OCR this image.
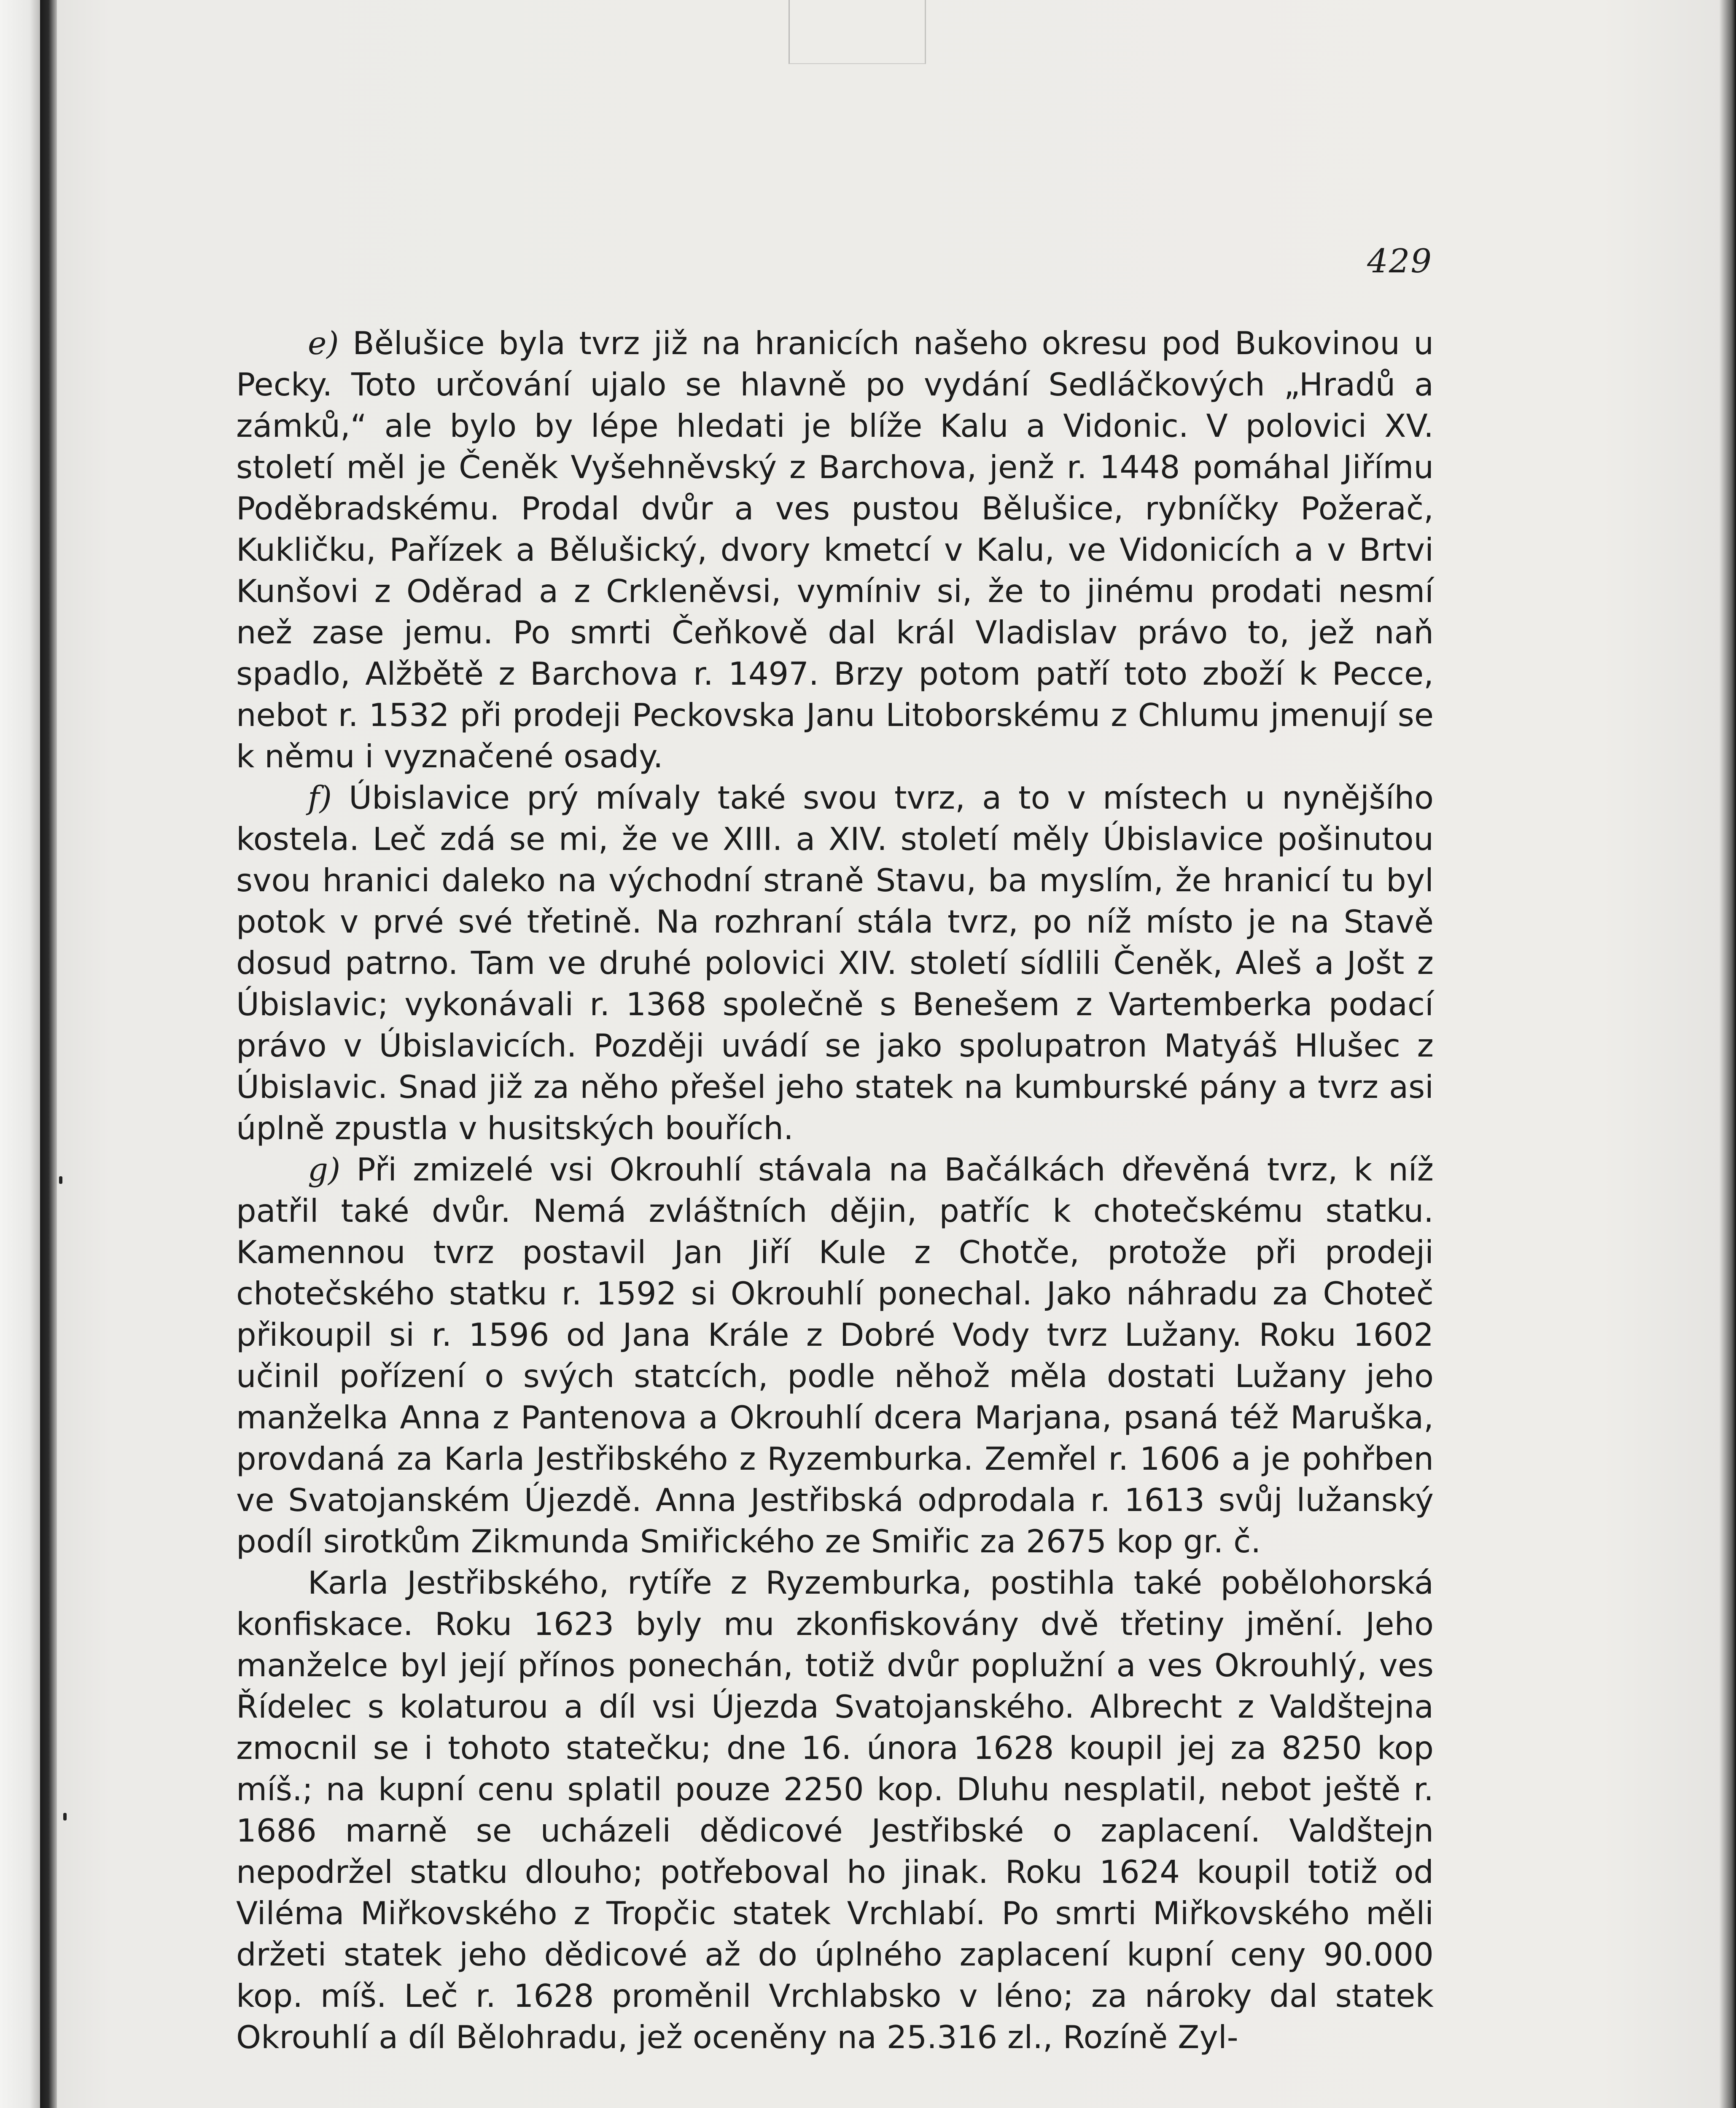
429

e) Bělušice byla tvrz již na hranicích našeho okresu pod Bukovinou u Pecky. Toto určování ujalo se hlavně po vydání Sedláčkových „Hradů a zámků,“ ale bylo by lépe hledati je blíže Kalu a Vidonic. V polovici XV. století měl je Čeněk Vyšehněvský z Barchova, jenž r. 1448 pomáhal Jiřímu Poděbradskému. Prodal dvůr a ves pustou Bělušice, rybníčky Požerač, Kukličku, Pařízek a Bělušický, dvory kmetcí v Kalu, ve Vidonicích a v Brtvi Kunšovi z Oděrad a z Crkleněvsi, vymíniv si, že to jinému prodati nesmí než zase jemu. Po smrti Čeňkově dal král Vladislav právo to, jež naň spadlo, Alžbětě z Barchova r. 1497. Brzy potom patří toto zboží k Pecce, nebot r. 1532 při prodeji Peckovska Janu Litoborskému z Chlumu jmenují se k němu i vyznačené osady.

f) Úbislavice prý mívaly také svou tvrz, a to v místech u nynějšího kostela. Leč zdá se mi, že ve XIII. a XIV. století měly Úbislavice pošinutou svou hranici daleko na východní straně Stavu, ba myslím, že hranicí tu byl potok v prvé své třetině. Na rozhraní stála tvrz, po níž místo je na Stavě dosud patrno. Tam ve druhé polovici XIV. století sídlili Čeněk, Aleš a Jošt z Úbislavic; vykonávali r. 1368 společně s Benešem z Vartemberka podací právo v Úbislavicích. Později uvádí se jako spolupatron Matyáš Hlušec z Úbislavic. Snad již za něho přešel jeho statek na kumburské pány a tvrz asi úplně zpustla v husitských bouřích.

g) Při zmizelé vsi Okrouhlí stávala na Bačálkách dřevěná tvrz, k níž patřil také dvůr. Nemá zvláštních dějin, patříc k chotečskému statku. Kamennou tvrz postavil Jan Jiří Kule z Chotče, protože při prodeji chotečského statku r. 1592 si Okrouhlí ponechal. Jako náhradu za Choteč přikoupil si r. 1596 od Jana Krále z Dobré Vody tvrz Lužany. Roku 1602 učinil pořízení o svých statcích, podle něhož měla dostati Lužany jeho manželka Anna z Pantenova a Okrouhlí dcera Marjana, psaná též Maruška, provdaná za Karla Jestřibského z Ryzemburka. Zemřel r. 1606 a je pohřben ve Svatojanském Újezdě. Anna Jestřibská odprodala r. 1613 svůj lužanský podíl sirotkům Zikmunda Smiřického ze Smiřic za 2675 kop gr. č.

Karla Jestřibského, rytíře z Ryzemburka, postihla také pobělohorská konfiskace. Roku 1623 byly mu zkonfiskovány dvě třetiny jmění. Jeho manželce byl její přínos ponechán, totiž dvůr poplužní a ves Okrouhlý, ves Řídelec s kolaturou a díl vsi Újezda Svatojanského. Albrecht z Valdštejna zmocnil se i tohoto statečku; dne 16. února 1628 koupil jej za 8250 kop míš.; na kupní cenu splatil pouze 2250 kop. Dluhu nesplatil, nebot ještě r. 1686 marně se ucházeli dědicové Jestřibské o zaplacení. Valdštejn nepodržel statku dlouho; potřeboval ho jinak. Roku 1624 koupil totiž od Viléma Miřkovského z Tropčic statek Vrchlabí. Po smrti Miřkovského měli držeti statek jeho dědicové až do úplného zaplacení kupní ceny 90.000 kop. míš. Leč r. 1628 proměnil Vrchlabsko v léno; za nároky dal statek Okrouhlí a díl Bělohradu, jež oceněny na 25.316 zl., Rozíně Zyl-
